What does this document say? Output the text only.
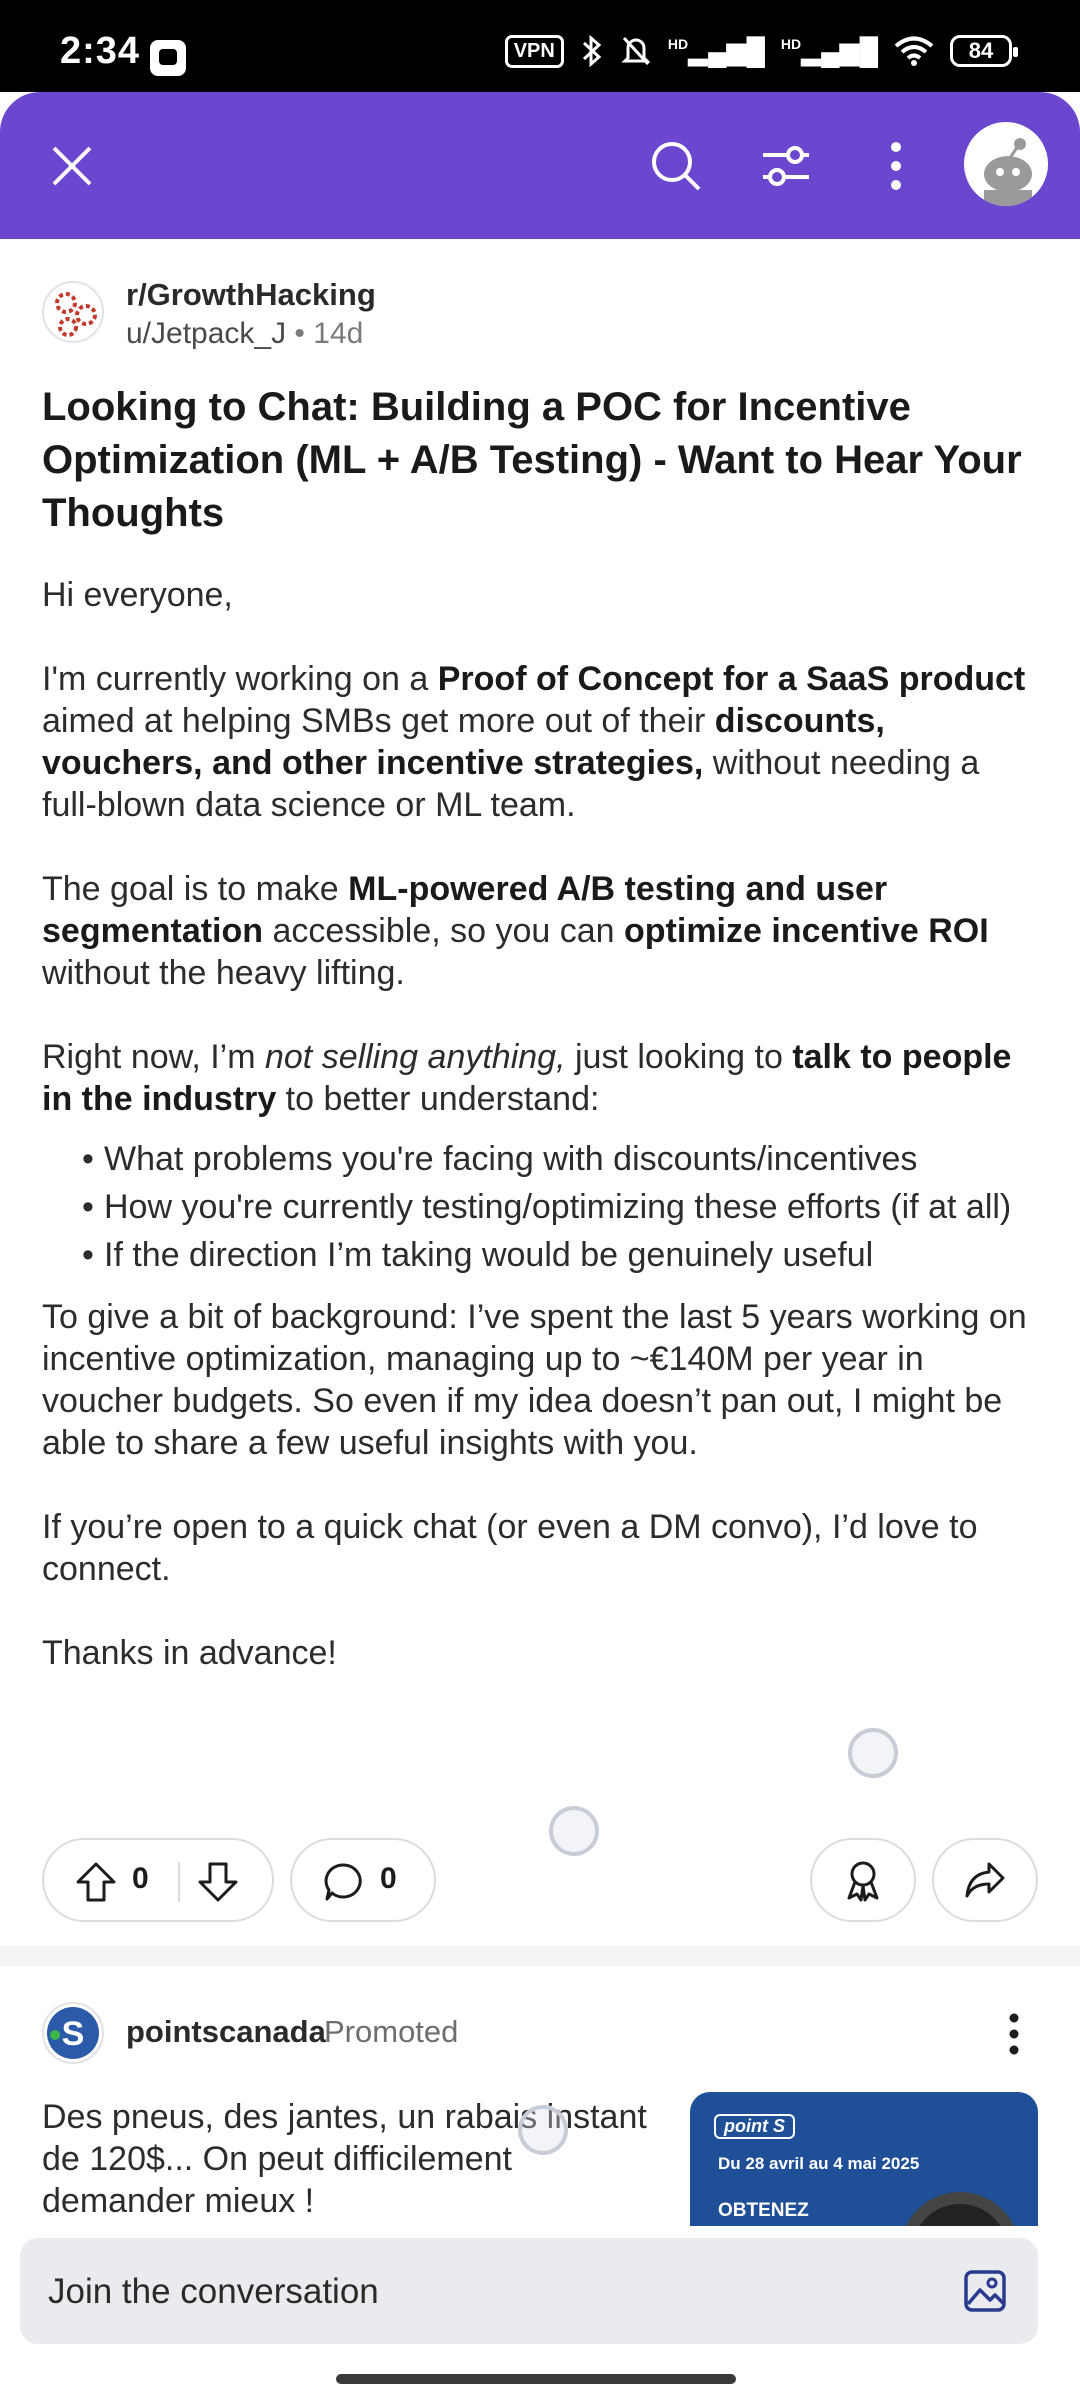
2:34	VPN	$^{HD}$▂▄▆█ $^{HD}$▂▄▆█	84
r/GrowthHacking
u/Jetpack_J • 14d
Looking to Chat: Building a POC for Incentive Optimization (ML + A/B Testing) - Want to Hear Your Thoughts

Hi everyone,

I'm currently working on a Proof of Concept for a SaaS product aimed at helping SMBs get more out of their discounts, vouchers, and other incentive strategies, without needing a full-blown data science or ML team.

The goal is to make ML-powered A/B testing and user segmentation accessible, so you can optimize incentive ROI without the heavy lifting.

Right now, I’m not selling anything, just looking to talk to people in the industry to better understand:

• What problems you're facing with discounts/incentives
• How you're currently testing/optimizing these efforts (if at all)
• If the direction I’m taking would be genuinely useful

To give a bit of background: I’ve spent the last 5 years working on incentive optimization, managing up to ~€140M per year in voucher budgets. So even if my idea doesn’t pan out, I might be able to share a few useful insights with you.

If you’re open to a quick chat (or even a DM convo), I’d love to connect.

Thanks in advance!

0	0
S pointscanada
Promoted
Des pneus, des jantes, un rabais instant de 120$... On peut difficilement demander mieux !
point S
Du 28 avril au 4 mai 2025
OBTENEZ
Join the conversation
